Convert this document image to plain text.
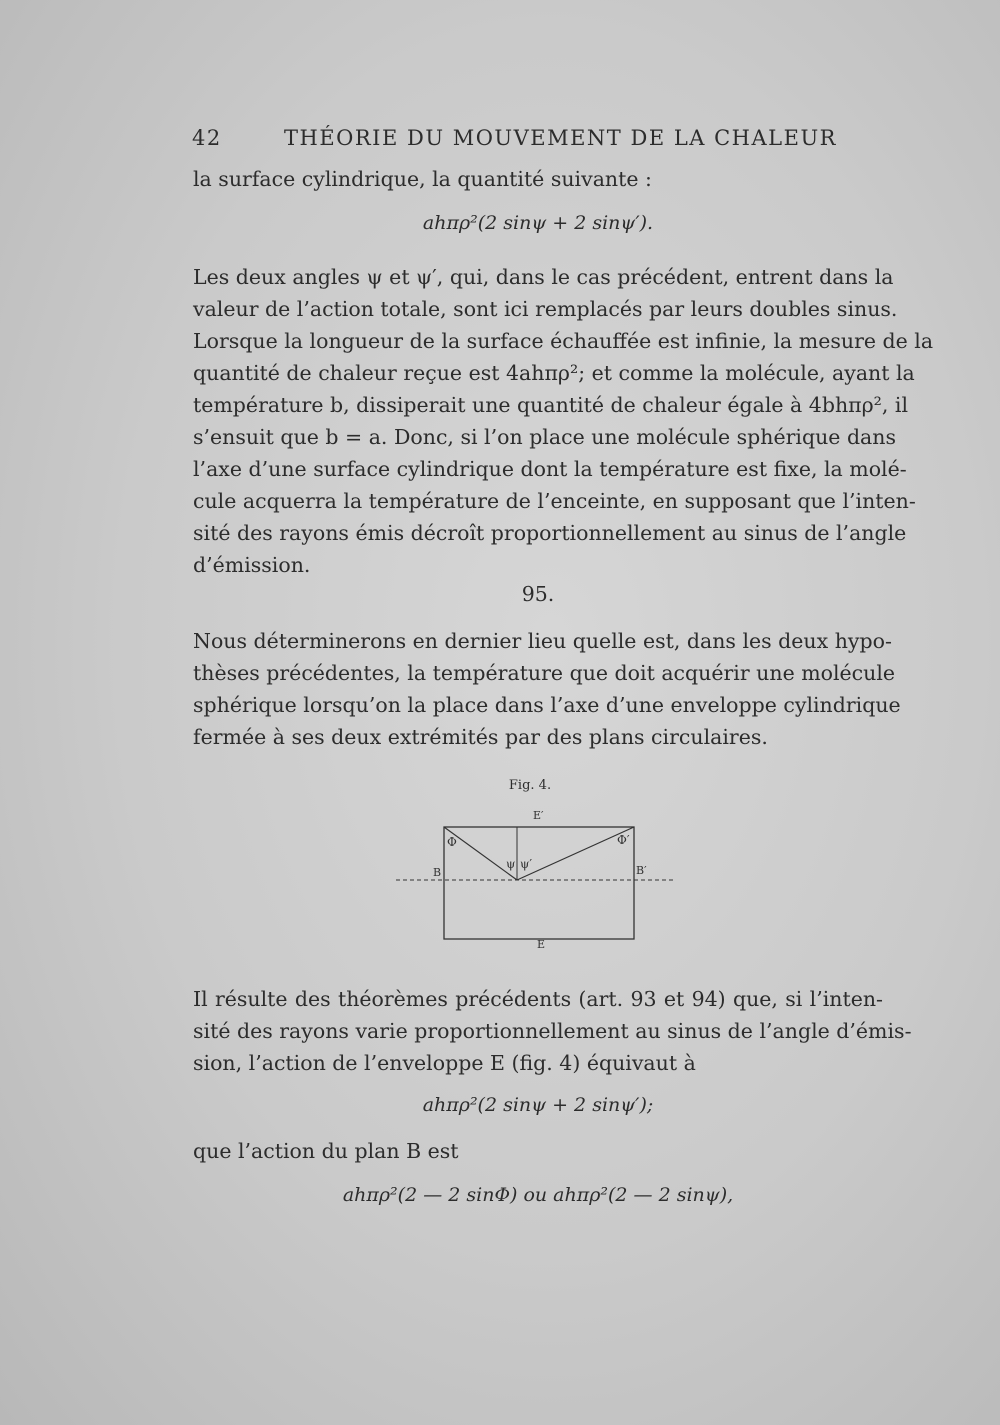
42	THÉORIE DU MOUVEMENT DE LA CHALEUR
la surface cylindrique, la quantité suivante :
ahπρ²(2 sinψ + 2 sinψ′).
Les deux angles ψ et ψ′, qui, dans le cas précédent, entrent dans la
valeur de l’action totale, sont ici remplacés par leurs doubles sinus.
Lorsque la longueur de la surface échauffée est infinie, la mesure de la
quantité de chaleur reçue est 4ahπρ²; et comme la molécule, ayant la
température b, dissiperait une quantité de chaleur égale à 4bhπρ², il
s’ensuit que b = a. Donc, si l’on place une molécule sphérique dans
l’axe d’une surface cylindrique dont la température est fixe, la molé-
cule acquerra la température de l’enceinte, en supposant que l’inten-
sité des rayons émis décroît proportionnellement au sinus de l’angle
d’émission.
95.
Nous déterminerons en dernier lieu quelle est, dans les deux hypo-
thèses précédentes, la température que doit acquérir une molécule
sphérique lorsqu’on la place dans l’axe d’une enveloppe cylindrique
fermée à ses deux extrémités par des plans circulaires.
Fig. 4.
E′
E
B	B′
Φ	Φ′
ψ ψ′
Il résulte des théorèmes précédents (art. 93 et 94) que, si l’inten-
sité des rayons varie proportionnellement au sinus de l’angle d’émis-
sion, l’action de l’enveloppe E (fig. 4) équivaut à
ahπρ²(2 sinψ + 2 sinψ′);
que l’action du plan B est
ahπρ²(2 — 2 sinΦ) ou ahπρ²(2 — 2 sinψ),
